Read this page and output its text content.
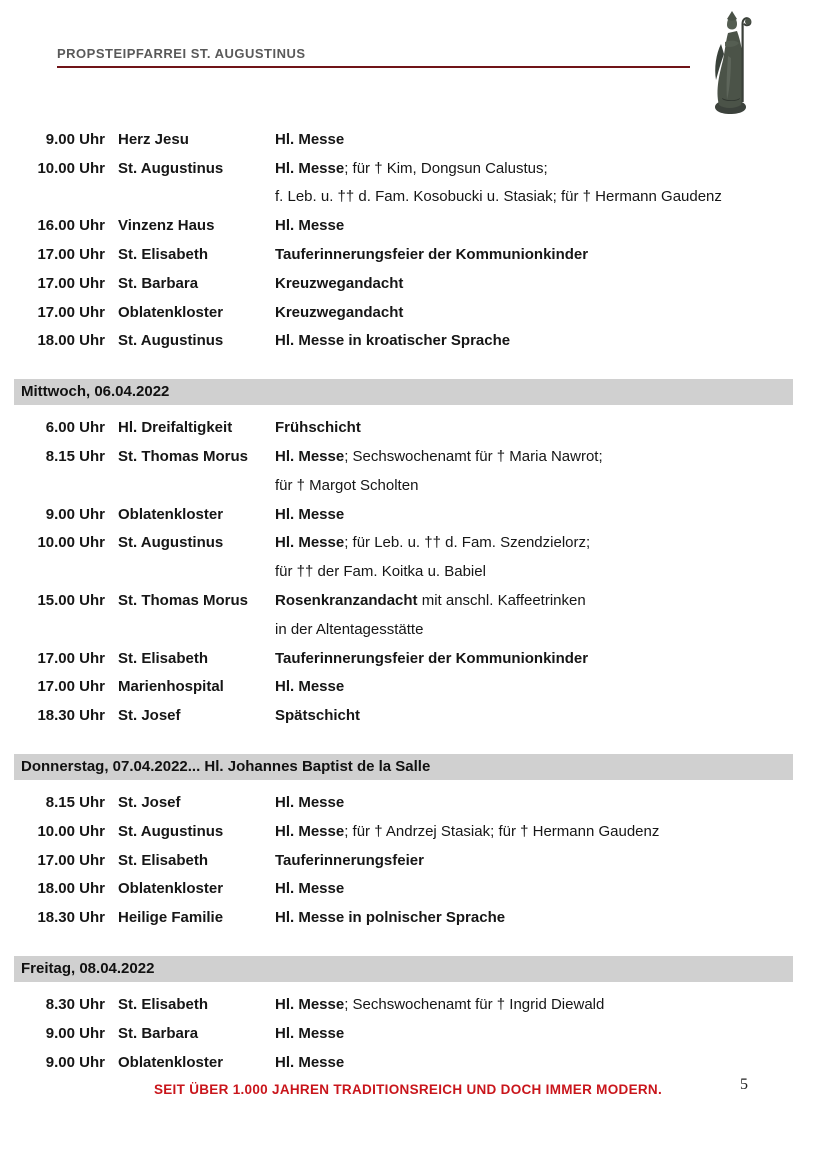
PROPSTEIPFARREI ST. AUGUSTINUS
9.00 Uhr Herz Jesu	Hl. Messe
10.00 Uhr St. Augustinus	Hl. Messe; für † Kim, Dongsun Calustus;
f. Leb. u. †† d. Fam. Kosobucki u. Stasiak; für † Hermann Gaudenz
16.00 Uhr Vinzenz Haus	Hl. Messe
17.00 Uhr St. Elisabeth	Tauferinnerungsfeier der Kommunionkinder
17.00 Uhr St. Barbara	Kreuzwegandacht
17.00 Uhr Oblatenkloster	Kreuzwegandacht
18.00 Uhr St. Augustinus	Hl. Messe in kroatischer Sprache
Mittwoch, 06.04.2022
6.00 Uhr Hl. Dreifaltigkeit	Frühschicht
8.15 Uhr St. Thomas Morus	Hl. Messe; Sechswochenamt für † Maria Nawrot;
für † Margot Scholten
9.00 Uhr Oblatenkloster	Hl. Messe
10.00 Uhr St. Augustinus	Hl. Messe; für Leb. u. †† d. Fam. Szendzielorz;
für †† der Fam. Koitka u. Babiel
15.00 Uhr St. Thomas Morus	Rosenkranzandacht mit anschl. Kaffeetrinken
in der Altentagesstätte
17.00 Uhr St. Elisabeth	Tauferinnerungsfeier der Kommunionkinder
17.00 Uhr Marienhospital	Hl. Messe
18.30 Uhr St. Josef	Spätschicht
Donnerstag, 07.04.2022... Hl. Johannes Baptist de la Salle
8.15 Uhr St. Josef	Hl. Messe
10.00 Uhr St. Augustinus	Hl. Messe; für † Andrzej Stasiak; für † Hermann Gaudenz
17.00 Uhr St. Elisabeth	Tauferinnerungsfeier
18.00 Uhr Oblatenkloster	Hl. Messe
18.30 Uhr Heilige Familie	Hl. Messe in polnischer Sprache
Freitag, 08.04.2022
8.30 Uhr St. Elisabeth	Hl. Messe; Sechswochenamt für † Ingrid Diewald
9.00 Uhr St. Barbara	Hl. Messe
9.00 Uhr Oblatenkloster	Hl. Messe
SEIT ÜBER 1.000 JAHREN TRADITIONSREICH UND DOCH IMMER MODERN.	5
